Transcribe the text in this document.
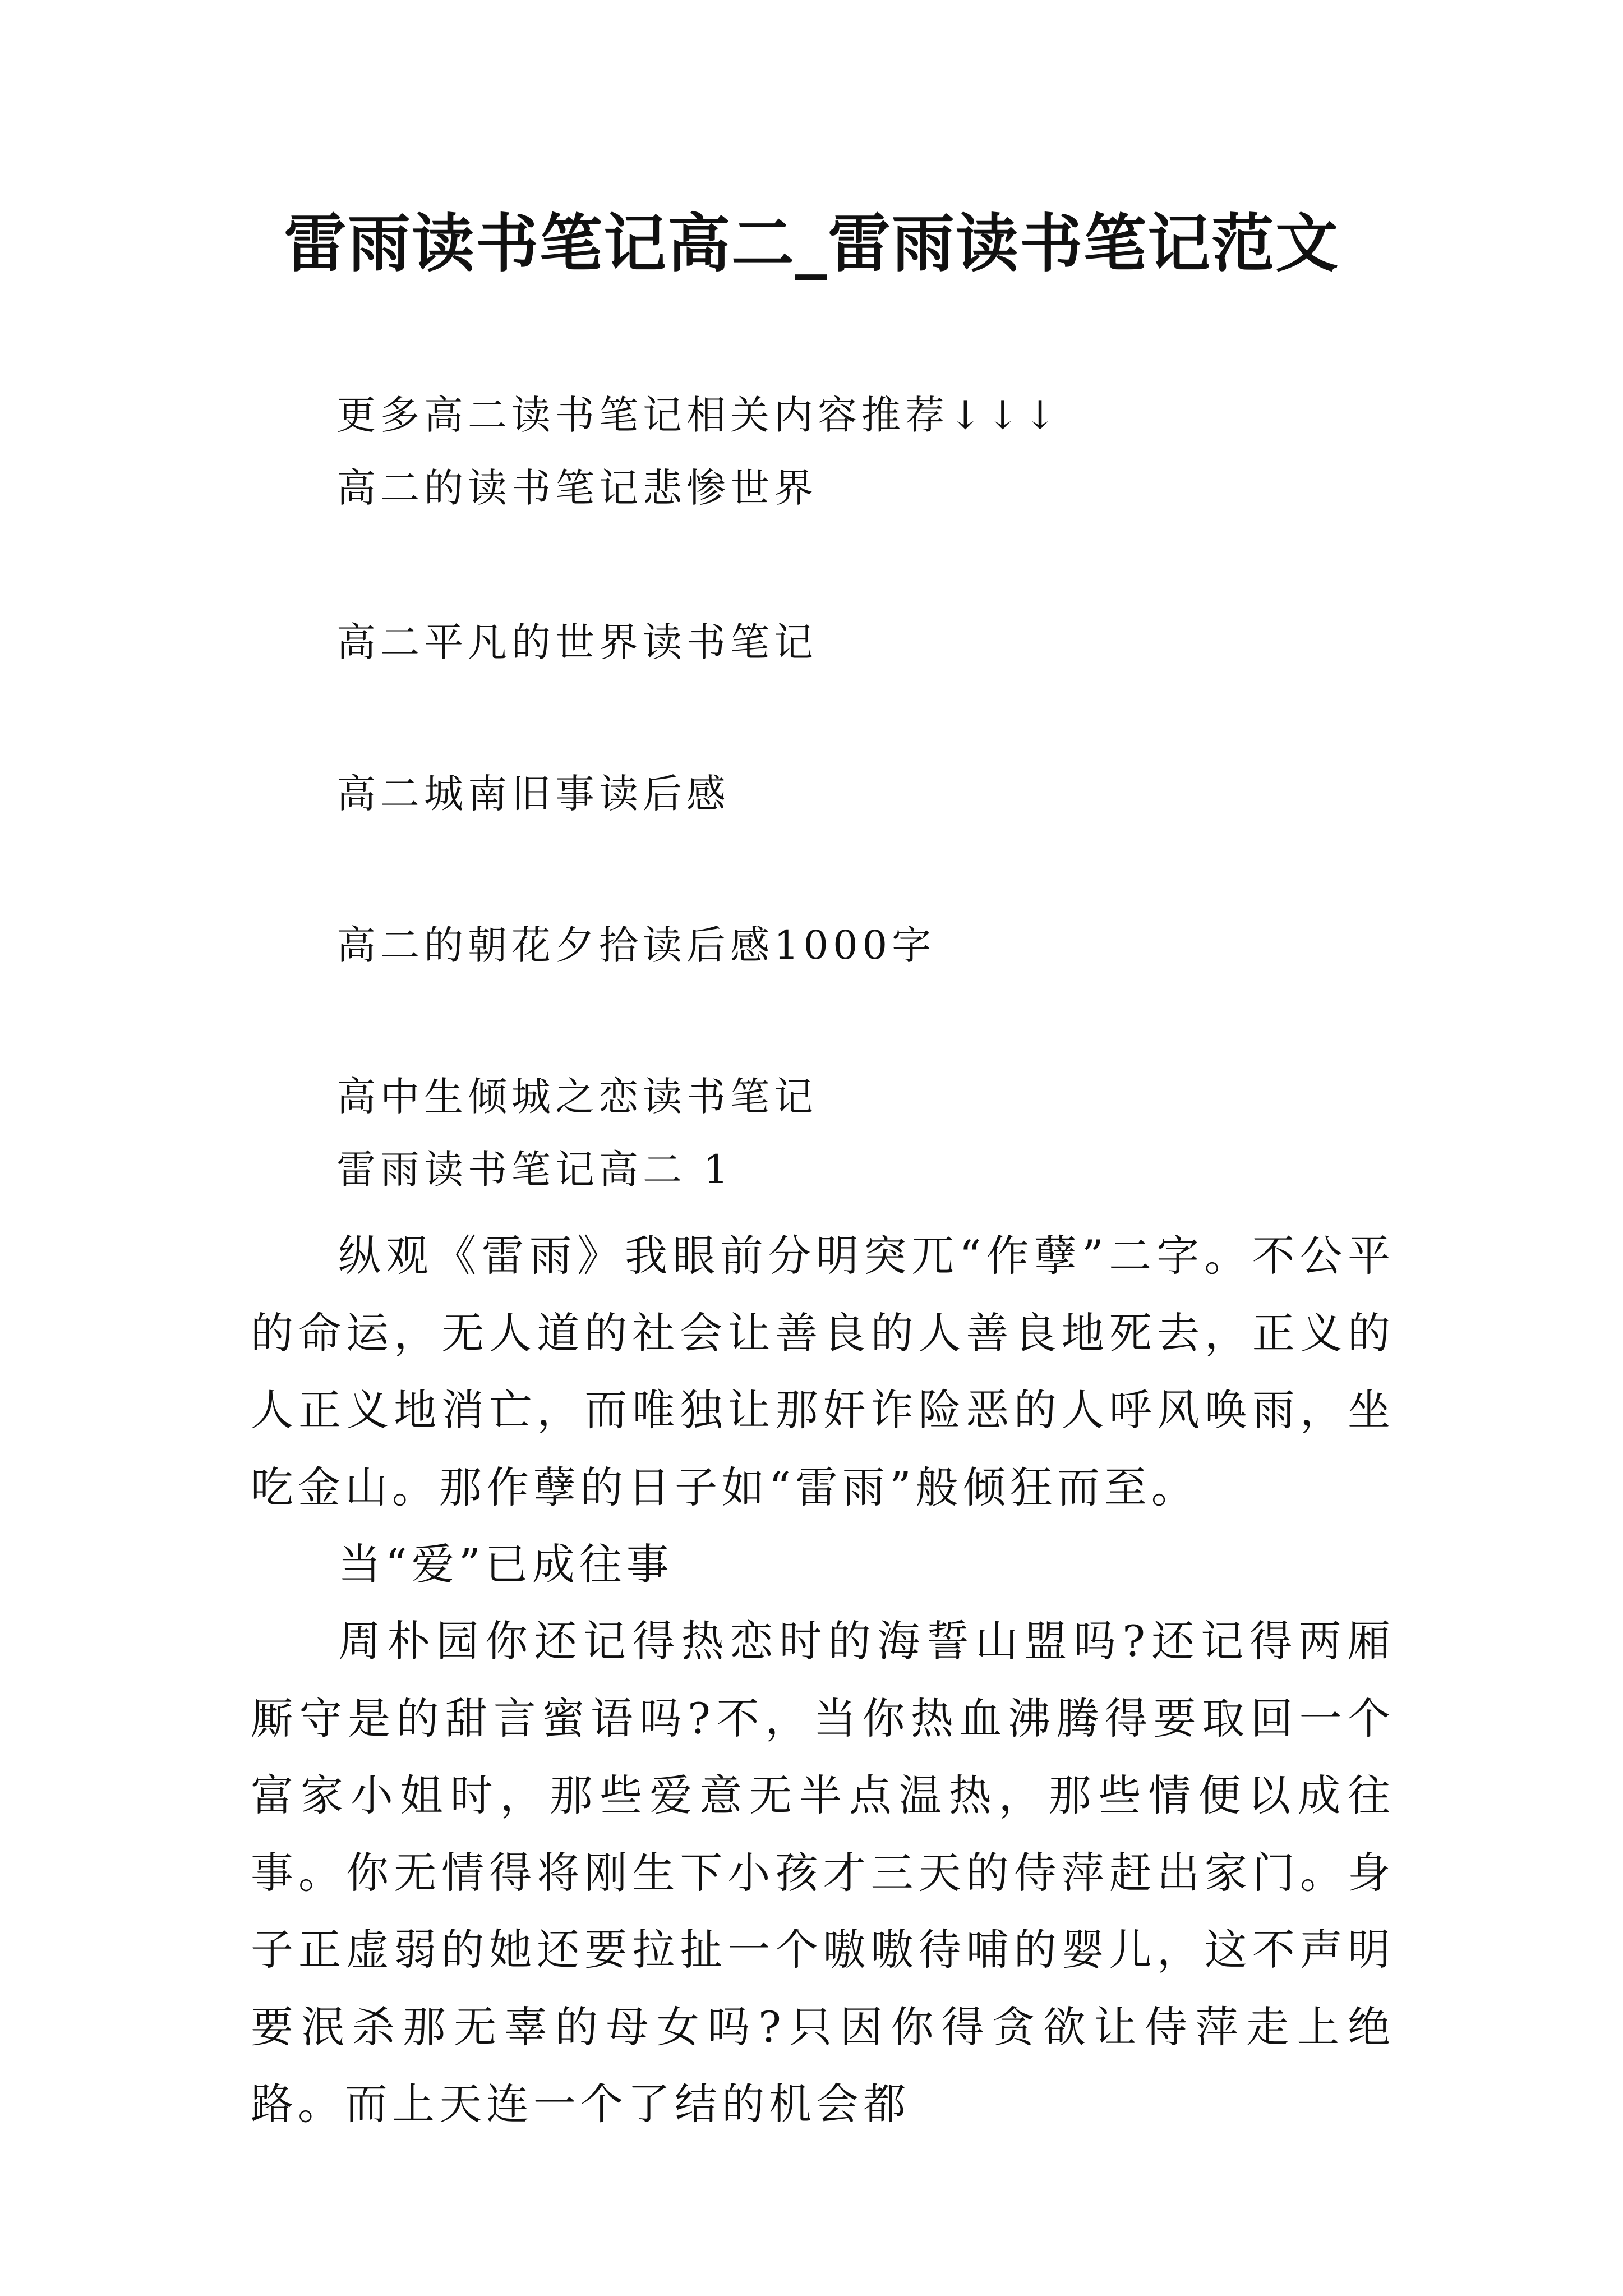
雷雨读书笔记高二_雷雨读书笔记范文

更多高二读书笔记相关内容推荐↓↓↓

高二的读书笔记悲惨世界

高二平凡的世界读书笔记

高二城南旧事读后感

高二的朝花夕拾读后感1000字

高中生倾城之恋读书笔记

雷雨读书笔记高二 1

纵观《雷雨》我眼前分明突兀“作孽”二字。不公平的命运，无人道的社会让善良的人善良地死去，正义的人正义地消亡，而唯独让那奸诈险恶的人呼风唤雨，坐吃金山。那作孽的日子如“雷雨”般倾狂而至。

当“爱”已成往事

周朴园你还记得热恋时的海誓山盟吗?还记得两厢厮守是的甜言蜜语吗?不，当你热血沸腾得要取回一个富家小姐时，那些爱意无半点温热，那些情便以成往事。你无情得将刚生下小孩才三天的侍萍赶出家门。身子正虚弱的她还要拉扯一个嗷嗷待哺的婴儿，这不声明要泯杀那无辜的母女吗?只因你得贪欲让侍萍走上绝路。而上天连一个了结的机会都
